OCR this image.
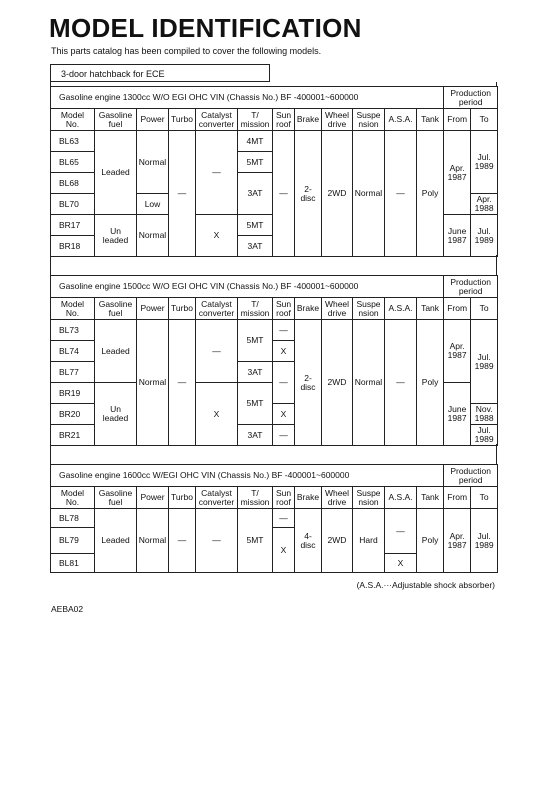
MODEL IDENTIFICATION
This parts catalog has been compiled to cover the following models.
3-door hatchback for ECE
Gasoline engine 1300cc W/O EGI OHC VIN (Chassis No.) BF -400001~600000												Production
period	
Model
No.	Gasoline
fuel	Power	Turbo	Catalyst
converter	T/
mission	Sun
roof	Brake	Wheel
drive	Suspe
nsion	A.S.A.	Tank	From	To
BL63	Leaded	Normal	—	—	4MT	—	2-
disc	2WD	Normal	—	Poly	Apr.
1987	Jul.
1989
BL65					5MT								
BL68					3AT								
BL70		Low											Apr.
1988
BR17	Un
leaded	Normal		X	5MT							June
1987	Jul.
1989
BR18					3AT								
Gasoline engine 1500cc W/O EGI OHC VIN (Chassis No.) BF -400001~600000												Production
period	
Model
No.	Gasoline
fuel	Power	Turbo	Catalyst
converter	T/
mission	Sun
roof	Brake	Wheel
drive	Suspe
nsion	A.S.A.	Tank	From	To
BL73	Leaded	Normal	—	—	5MT	—	2-
disc	2WD	Normal	—	Poly	Apr.
1987	Jul.
1989
BL74						X							
BL77					3AT	—							
BR19	Un
leaded			X	5MT							June
1987	
BR20						X							Nov.
1988
BR21					3AT	—							Jul.
1989
Gasoline engine 1600cc W/EGI OHC VIN (Chassis No.) BF -400001~600000												Production
period	
Model
No.	Gasoline
fuel	Power	Turbo	Catalyst
converter	T/
mission	Sun
roof	Brake	Wheel
drive	Suspe
nsion	A.S.A.	Tank	From	To
BL78	Leaded	Normal	—	—	5MT	—	4-
disc	2WD	Hard	—	Poly	Apr.
1987	Jul.
1989
BL79						X							
BL81										X			
(A.S.A.···Adjustable shock absorber)
AEBA02
